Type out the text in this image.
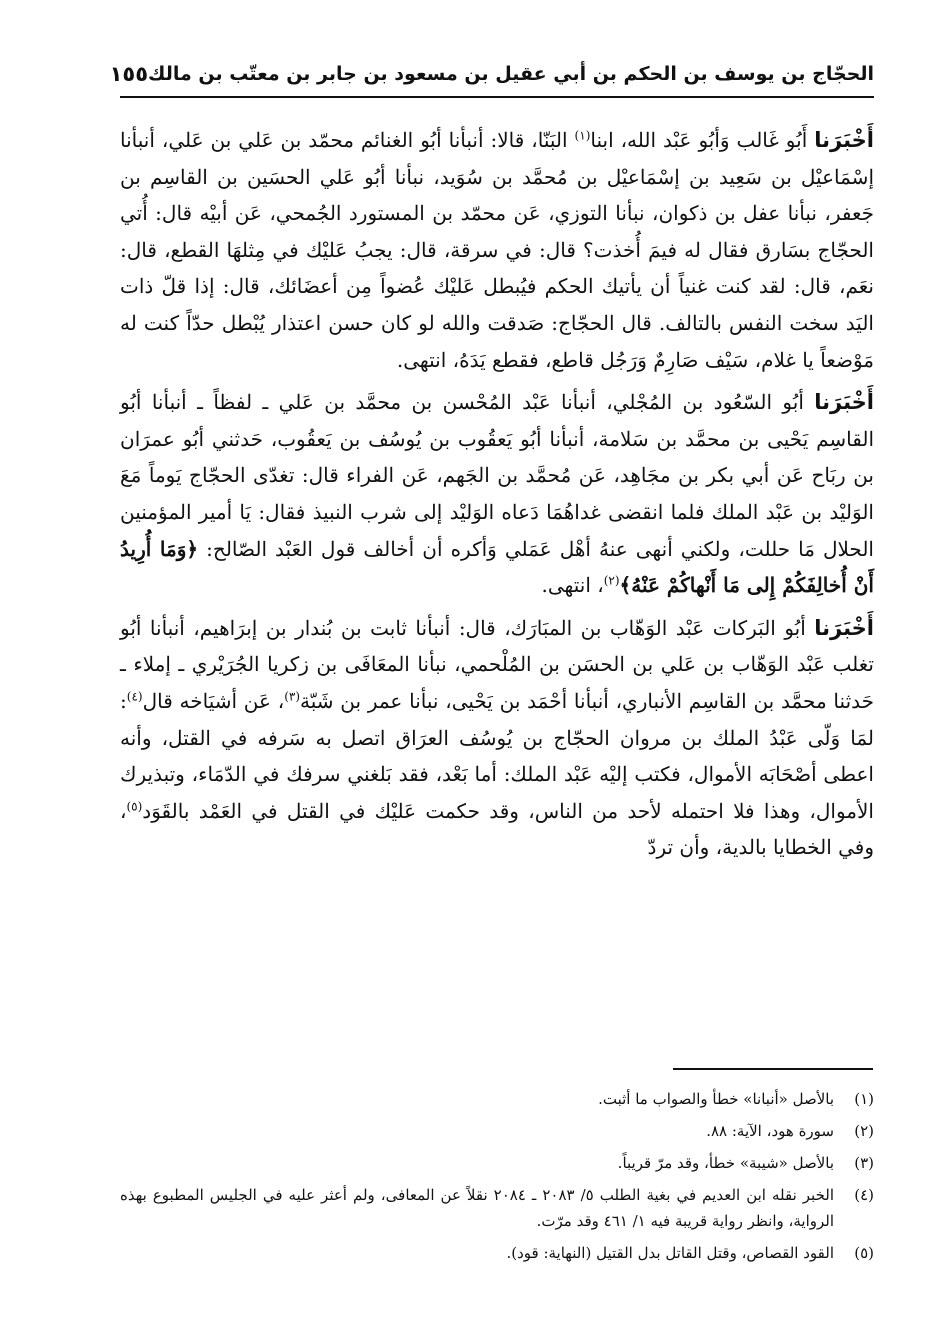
الحجّاج بن يوسف بن الحكم بن أبي عقيل بن مسعود بن جابر بن معتّب بن مالك
١٥٥

أَخْبَرَنا أَبُو غَالب وَأبُو عَبْد الله، ابنا$^{(١)}$ البَنّا، قالا: أنبأنا أبُو الغنائم محمّد بن عَلي بن عَلي، أنبأنا إسْمَاعيْل بن سَعِيد بن إسْمَاعيْل بن مُحمَّد بن سُوَيد، نبأنا أبُو عَلي الحسَين بن القاسِم بن جَعفر، نبأنا عفل بن ذكوان، نبأنا التوزي، عَن محمّد بن المستورد الجُمحي، عَن أبيْه قال: أُتي الحجّاج بسَارق فقال له فيمَ أُخذت؟ قال: في سرقة، قال: يجبُ عَليْك في مِثلهَا القطع، قال: نعَم، قال: لقد كنت غنياً أن يأتيك الحكم فيُبطل عَليْك عُضواً مِن أعضَائك، قال: إذا قلّ ذات اليَد سخت النفس بالتالف. قال الحجّاج: صَدقت والله لو كان حسن اعتذار يُبْطل حدّاً كنت له مَوْضعاً يا غلام، سَيْف صَارِمٌ وَرَجُل قاطع، فقطع يَدَهُ، انتهى.

أَخْبَرَنا أبُو السّعُود بن المُجْلي، أنبأنا عَبْد المُحْسن بن محمَّد بن عَلي ـ لفظاً ـ أنبأنا أبُو القاسِم يَحْيى بن محمَّد بن سَلامة، أنبأنا أبُو يَعقُوب بن يُوسُف بن يَعقُوب، حَدثني أبُو عمرَان بن ربَاح عَن أبي بكر بن مجَاهِد، عَن مُحمَّد بن الجَهم، عَن الفراء قال: تغدّى الحجّاج يَوماً مَعَ الوَليْد بن عَبْد الملك فلما انقضى غداهُمَا دَعاه الوَليْد إلى شرب النبيذ فقال: يَا أمير المؤمنين الحلال مَا حللت، ولكني أنهى عنهُ أهْل عَمَلي وَأكره أن أخالف قول العَبْد الصّالح: ﴿وَمَا أُرِيدُ أَنْ أُخالِفَكُمْ إِلى مَا أَنْهاكُمْ عَنْهُ﴾$^{(٢)}$، انتهى.

أَخْبَرَنا أبُو البَركات عَبْد الوَهّاب بن المبَارَك، قال: أنبأنا ثابت بن بُندار بن إبرَاهيم، أنبأنا أبُو تغلب عَبْد الوَهّاب بن عَلي بن الحسَن بن المُلْحمي، نبأنا المعَافَى بن زكريا الجُرَيْري ـ إملاء ـ حَدثنا محمَّد بن القاسِم الأنباري، أنبأنا أحْمَد بن يَحْيى، نبأنا عمر بن شَبّة$^{(٣)}$، عَن أشيَاخه قال$^{(٤)}$: لمَا وَلّى عَبْدُ الملك بن مروان الحجّاج بن يُوسُف العرَاق اتصل به سَرفه في القتل، وأنه اعطى أصْحَابَه الأموال، فكتب إليْه عَبْد الملك: أما بَعْد، فقد بَلغني سرفك في الدّمَاء، وتبذيرك الأموال، وهذا فلا احتمله لأحد من الناس، وقد حكمت عَليْك في القتل في العَمْد بالقَوَد$^{(٥)}$، وفي الخطايا بالدية، وأن تردّ

(١)
بالأصل «أنبانا» خطأ والصواب ما أثبت.
(٢)
سورة هود، الآية: ٨٨.
(٣)
بالأصل «شيبة» خطأ، وقد مرّ قريباً.
(٤)
الخبر نقله ابن العديم في بغية الطلب ٥/ ٢٠٨٣ ـ ٢٠٨٤ نقلاً عن المعافى، ولم أعثر عليه في الجليس المطبوع بهذه الرواية، وانظر رواية قريبة فيه ١/ ٤٦١ وقد مرّت.
(٥)
القود القصاص، وقتل القاتل بدل القتيل (النهاية: قود).
